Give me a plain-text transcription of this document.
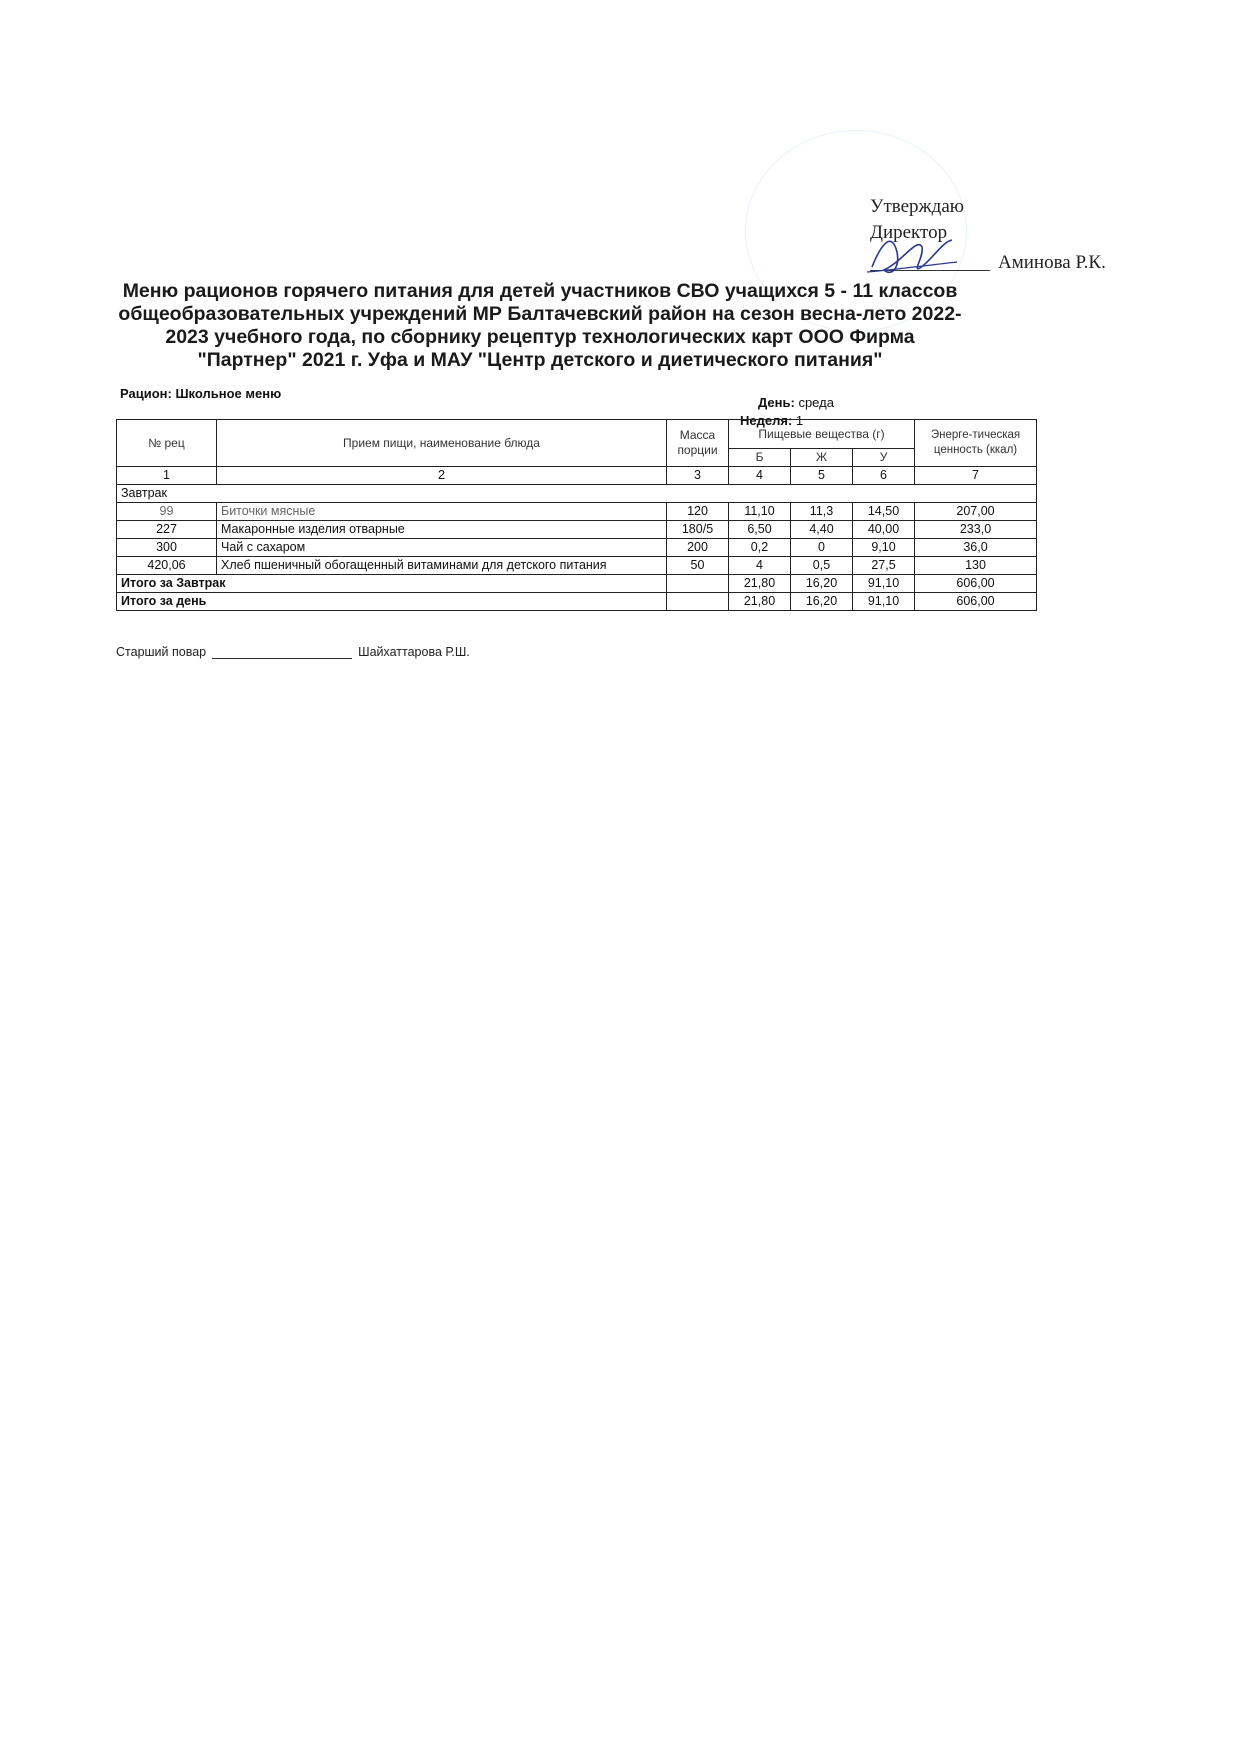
Утверждаю
Директор
Аминова Р.К.
Меню рационов горячего питания для детей участников СВО учащихся 5 - 11 классов
общеобразовательных учреждений МР Балтачевский район на сезон весна-лето 2022-
2023 учебного года, по сборнику рецептур технологических карт ООО Фирма
"Партнер" 2021 г. Уфа и МАУ "Центр детского и диетического питания"
Рацион: Школьное меню
День: среда
Неделя: 1
№ рец	Прием пищи, наименование блюда	Масса порции	Пищевые вещества (г)			Энерге-тическая ценность (ккал)
			Б	Ж	У	
1	2	3	4	5	6	7
Завтрак						
99	Биточки мясные	120	11,10	11,3	14,50	207,00
227	Макаронные изделия отварные	180/5	6,50	4,40	40,00	233,0
300	Чай с сахаром	200	0,2	0	9,10	36,0
420,06	Хлеб пшеничный обогащенный витаминами для детского питания	50	4	0,5	27,5	130
Итого за Завтрак			21,80	16,20	91,10	606,00
Итого за день			21,80	16,20	91,10	606,00
Старший повар	Шайхаттарова Р.Ш.
